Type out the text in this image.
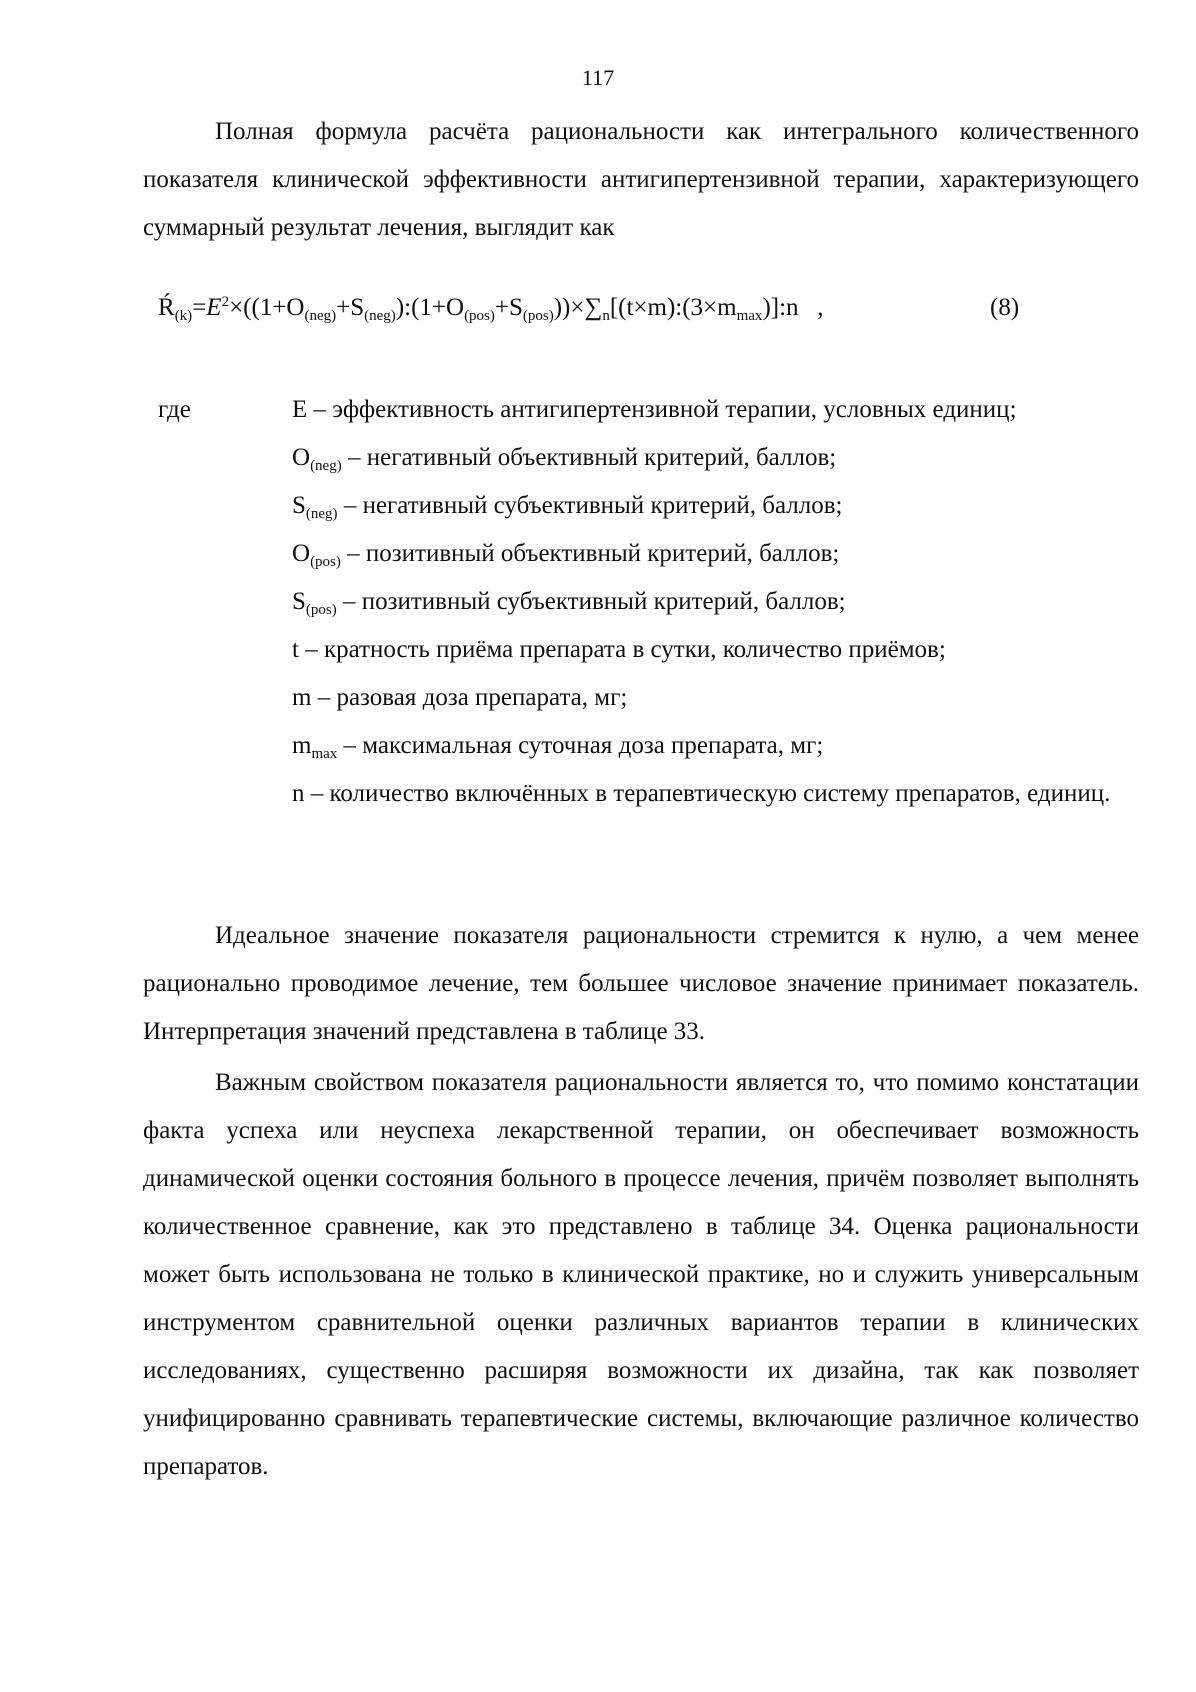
117

Полная формула расчёта рациональности как интегрального количественного показателя клинической эффективности антигипертензивной терапии, характеризующего суммарный результат лечения, выглядит как

$Ŕ_{(k)}=E^2\times((1+O_{(neg)}+S_{(neg)}):(1+O_{(pos)}+S_{(pos)}))\times\sum_n[(t\times m):(3\times m_{max})]:n$   ,	(8)
где	E – эффективность антигипертензивной терапии, условных единиц;
$O_{(neg)}$ – негативный объективный критерий, баллов;
$S_{(neg)}$ – негативный субъективный критерий, баллов;
$O_{(pos)}$ – позитивный объективный критерий, баллов;
$S_{(pos)}$ – позитивный субъективный критерий, баллов;
t – кратность приёма препарата в сутки, количество приёмов;
m – разовая доза препарата, мг;
$m_{max}$ – максимальная суточная доза препарата, мг;
n – количество включённых в терапевтическую систему препаратов, единиц.

Идеальное значение показателя рациональности стремится к нулю, а чем менее рационально проводимое лечение, тем большее числовое значение принимает показатель. Интерпретация значений представлена в таблице 33.

Важным свойством показателя рациональности является то, что помимо констатации факта успеха или неуспеха лекарственной терапии, он обеспечивает возможность динамической оценки состояния больного в процессе лечения, причём позволяет выполнять количественное сравнение, как это представлено в таблице 34. Оценка рациональности может быть использована не только в клинической практике, но и служить универсальным инструментом сравнительной оценки различных вариантов терапии в клинических исследованиях, существенно расширяя возможности их дизайна, так как позволяет унифицированно сравнивать терапевтические системы, включающие различное количество препаратов.
